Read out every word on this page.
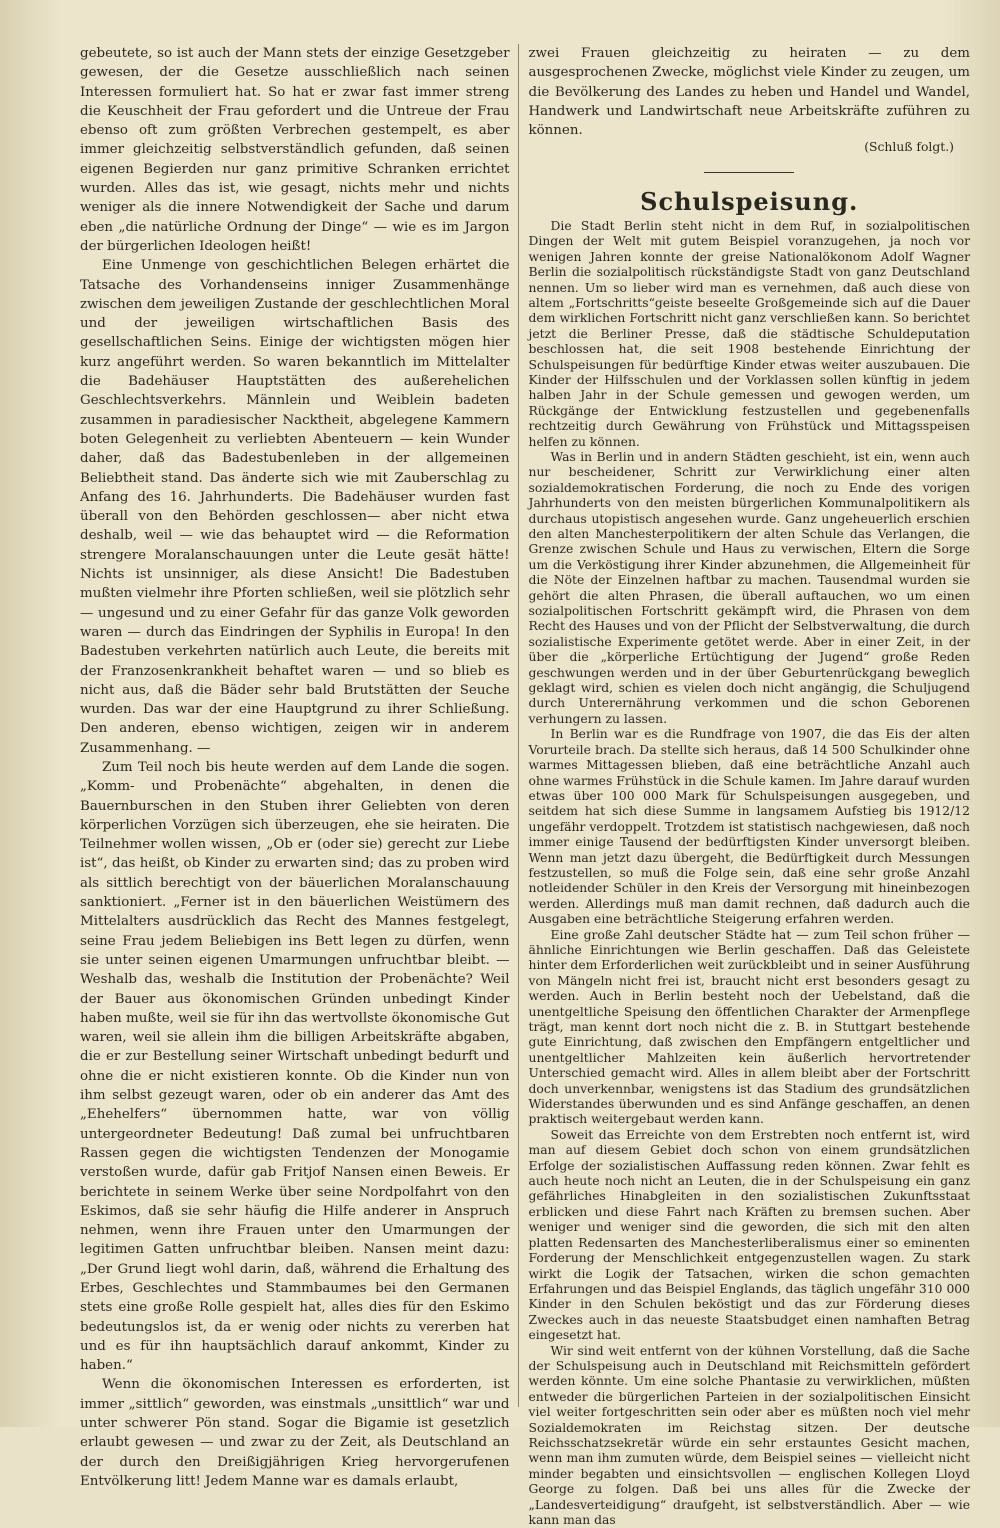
gebeutete, so ist auch der Mann stets der einzige Gesetzgeber gewesen, der die Gesetze ausschließlich nach seinen Interessen formuliert hat. So hat er zwar fast immer streng die Keuschheit der Frau gefordert und die Untreue der Frau ebenso oft zum größten Verbrechen gestempelt, es aber immer gleichzeitig selbstverständlich gefunden, daß seinen eigenen Begierden nur ganz primitive Schranken errichtet wurden. Alles das ist, wie gesagt, nichts mehr und nichts weniger als die innere Notwendigkeit der Sache und darum eben „die natürliche Ordnung der Dinge“ — wie es im Jargon der bürgerlichen Ideologen heißt!

Eine Unmenge von geschichtlichen Belegen erhärtet die Tatsache des Vorhandenseins inniger Zusammenhänge zwischen dem jeweiligen Zustande der geschlechtlichen Moral und der jeweiligen wirtschaftlichen Basis des gesellschaftlichen Seins. Einige der wichtigsten mögen hier kurz angeführt werden. So waren bekanntlich im Mittelalter die Badehäuser Hauptstätten des außerehelichen Geschlechtsverkehrs. Männlein und Weiblein badeten zusammen in paradiesischer Nacktheit, abgelegene Kammern boten Gelegenheit zu verliebten Abenteuern — kein Wunder daher, daß das Badestubenleben in der allgemeinen Beliebtheit stand. Das änderte sich wie mit Zauberschlag zu Anfang des 16. Jahrhunderts. Die Badehäuser wurden fast überall von den Behörden geschlossen— aber nicht etwa deshalb, weil — wie das behauptet wird — die Reformation strengere Moralanschauungen unter die Leute gesät hätte! Nichts ist unsinniger, als diese Ansicht! Die Badestuben mußten vielmehr ihre Pforten schließen, weil sie plötzlich sehr — ungesund und zu einer Gefahr für das ganze Volk geworden waren — durch das Eindringen der Syphilis in Europa! In den Badestuben verkehrten natürlich auch Leute, die bereits mit der Franzosenkrankheit behaftet waren — und so blieb es nicht aus, daß die Bäder sehr bald Brutstätten der Seuche wurden. Das war der eine Hauptgrund zu ihrer Schließung. Den anderen, ebenso wichtigen, zeigen wir in anderem Zusammenhang. —

Zum Teil noch bis heute werden auf dem Lande die sogen. „Komm- und Probenächte“ abgehalten, in denen die Bauernburschen in den Stuben ihrer Geliebten von deren körperlichen Vorzügen sich überzeugen, ehe sie heiraten. Die Teilnehmer wollen wissen, „Ob er (oder sie) gerecht zur Liebe ist“, das heißt, ob Kinder zu erwarten sind; das zu proben wird als sittlich berechtigt von der bäuerlichen Moralanschauung sanktioniert. „Ferner ist in den bäuerlichen Weistümern des Mittelalters ausdrücklich das Recht des Mannes festgelegt, seine Frau jedem Beliebigen ins Bett legen zu dürfen, wenn sie unter seinen eigenen Umarmungen unfruchtbar bleibt. — Weshalb das, weshalb die Institution der Probenächte? Weil der Bauer aus ökonomischen Gründen unbedingt Kinder haben mußte, weil sie für ihn das wertvollste ökonomische Gut waren, weil sie allein ihm die billigen Arbeitskräfte abgaben, die er zur Bestellung seiner Wirtschaft unbedingt bedurft und ohne die er nicht existieren konnte. Ob die Kinder nun von ihm selbst gezeugt waren, oder ob ein anderer das Amt des „Ehehelfers“ übernommen hatte, war von völlig untergeordneter Bedeutung! Daß zumal bei unfruchtbaren Rassen gegen die wichtigsten Tendenzen der Monogamie verstoßen wurde, dafür gab Fritjof Nansen einen Beweis. Er berichtete in seinem Werke über seine Nordpolfahrt von den Eskimos, daß sie sehr häufig die Hilfe anderer in Anspruch nehmen, wenn ihre Frauen unter den Umarmungen der legitimen Gatten unfruchtbar bleiben. Nansen meint dazu: „Der Grund liegt wohl darin, daß, während die Erhaltung des Erbes, Geschlechtes und Stammbaumes bei den Germanen stets eine große Rolle gespielt hat, alles dies für den Eskimo bedeutungslos ist, da er wenig oder nichts zu vererben hat und es für ihn hauptsächlich darauf ankommt, Kinder zu haben.“

Wenn die ökonomischen Interessen es erforderten, ist immer „sittlich“ geworden, was einstmals „unsittlich“ war und unter schwerer Pön stand. Sogar die Bigamie ist gesetzlich erlaubt gewesen — und zwar zu der Zeit, als Deutschland an der durch den Dreißigjährigen Krieg hervorgerufenen Entvölkerung litt! Jedem Manne war es damals erlaubt,

zwei Frauen gleichzeitig zu heiraten — zu dem ausgesprochenen Zwecke, möglichst viele Kinder zu zeugen, um die Bevölkerung des Landes zu heben und Handel und Wandel, Handwerk und Landwirtschaft neue Arbeitskräfte zuführen zu können.

(Schluß folgt.)
Schulspeisung.

Die Stadt Berlin steht nicht in dem Ruf, in sozialpolitischen Dingen der Welt mit gutem Beispiel voranzugehen, ja noch vor wenigen Jahren konnte der greise Nationalökonom Adolf Wagner Berlin die sozialpolitisch rückständigste Stadt von ganz Deutschland nennen. Um so lieber wird man es vernehmen, daß auch diese von altem „Fortschritts“geiste beseelte Großgemeinde sich auf die Dauer dem wirklichen Fortschritt nicht ganz verschließen kann. So berichtet jetzt die Berliner Presse, daß die städtische Schuldeputation beschlossen hat, die seit 1908 bestehende Einrichtung der Schulspeisungen für bedürftige Kinder etwas weiter auszubauen. Die Kinder der Hilfsschulen und der Vorklassen sollen künftig in jedem halben Jahr in der Schule gemessen und gewogen werden, um Rückgänge der Entwicklung festzustellen und gegebenenfalls rechtzeitig durch Gewährung von Frühstück und Mittagsspeisen helfen zu können.

Was in Berlin und in andern Städten geschieht, ist ein, wenn auch nur bescheidener, Schritt zur Verwirklichung einer alten sozialdemokratischen Forderung, die noch zu Ende des vorigen Jahrhunderts von den meisten bürgerlichen Kommunalpolitikern als durchaus utopistisch angesehen wurde. Ganz ungeheuerlich erschien den alten Manchesterpolitikern der alten Schule das Verlangen, die Grenze zwischen Schule und Haus zu verwischen, Eltern die Sorge um die Verköstigung ihrer Kinder abzunehmen, die Allgemeinheit für die Nöte der Einzelnen haftbar zu machen. Tausendmal wurden sie gehört die alten Phrasen, die überall auftauchen, wo um einen sozialpolitischen Fortschritt gekämpft wird, die Phrasen von dem Recht des Hauses und von der Pflicht der Selbstverwaltung, die durch sozialistische Experimente getötet werde. Aber in einer Zeit, in der über die „körperliche Ertüchtigung der Jugend“ große Reden geschwungen werden und in der über Geburtenrückgang beweglich geklagt wird, schien es vielen doch nicht angängig, die Schuljugend durch Unterernährung verkommen und die schon Geborenen verhungern zu lassen.

In Berlin war es die Rundfrage von 1907, die das Eis der alten Vorurteile brach. Da stellte sich heraus, daß 14 500 Schulkinder ohne warmes Mittagessen blieben, daß eine beträchtliche Anzahl auch ohne warmes Frühstück in die Schule kamen. Im Jahre darauf wurden etwas über 100 000 Mark für Schulspeisungen ausgegeben, und seitdem hat sich diese Summe in langsamem Aufstieg bis 1912/12 ungefähr verdoppelt. Trotzdem ist statistisch nachgewiesen, daß noch immer einige Tausend der bedürftigsten Kinder unversorgt bleiben. Wenn man jetzt dazu übergeht, die Bedürftigkeit durch Messungen festzustellen, so muß die Folge sein, daß eine sehr große Anzahl notleidender Schüler in den Kreis der Versorgung mit hineinbezogen werden. Allerdings muß man damit rechnen, daß dadurch auch die Ausgaben eine beträchtliche Steigerung erfahren werden.

Eine große Zahl deutscher Städte hat — zum Teil schon früher — ähnliche Einrichtungen wie Berlin geschaffen. Daß das Geleistete hinter dem Erforderlichen weit zurückbleibt und in seiner Ausführung von Mängeln nicht frei ist, braucht nicht erst besonders gesagt zu werden. Auch in Berlin besteht noch der Uebelstand, daß die unentgeltliche Speisung den öffentlichen Charakter der Armenpflege trägt, man kennt dort noch nicht die z. B. in Stuttgart bestehende gute Einrichtung, daß zwischen den Empfängern entgeltlicher und unentgeltlicher Mahlzeiten kein äußerlich hervortretender Unterschied gemacht wird. Alles in allem bleibt aber der Fortschritt doch unverkennbar, wenigstens ist das Stadium des grundsätzlichen Widerstandes überwunden und es sind Anfänge geschaffen, an denen praktisch weitergebaut werden kann.

Soweit das Erreichte von dem Erstrebten noch entfernt ist, wird man auf diesem Gebiet doch schon von einem grundsätzlichen Erfolge der sozialistischen Auffassung reden können. Zwar fehlt es auch heute noch nicht an Leuten, die in der Schulspeisung ein ganz gefährliches Hinabgleiten in den sozialistischen Zukunftsstaat erblicken und diese Fahrt nach Kräften zu bremsen suchen. Aber weniger und weniger sind die geworden, die sich mit den alten platten Redensarten des Manchesterliberalismus einer so eminenten Forderung der Menschlichkeit entgegenzustellen wagen. Zu stark wirkt die Logik der Tatsachen, wirken die schon gemachten Erfahrungen und das Beispiel Englands, das täglich ungefähr 310 000 Kinder in den Schulen beköstigt und das zur Förderung dieses Zweckes auch in das neueste Staatsbudget einen namhaften Betrag eingesetzt hat.

Wir sind weit entfernt von der kühnen Vorstellung, daß die Sache der Schulspeisung auch in Deutschland mit Reichsmitteln gefördert werden könnte. Um eine solche Phantasie zu verwirklichen, müßten entweder die bürgerlichen Parteien in der sozialpolitischen Einsicht viel weiter fortgeschritten sein oder aber es müßten noch viel mehr Sozialdemokraten im Reichstag sitzen. Der deutsche Reichsschatzsekretär würde ein sehr erstauntes Gesicht machen, wenn man ihm zumuten würde, dem Beispiel seines — vielleicht nicht minder begabten und einsichtsvollen — englischen Kollegen Lloyd George zu folgen. Daß bei uns alles für die Zwecke der „Landesverteidigung“ draufgeht, ist selbstverständlich. Aber — wie kann man das
